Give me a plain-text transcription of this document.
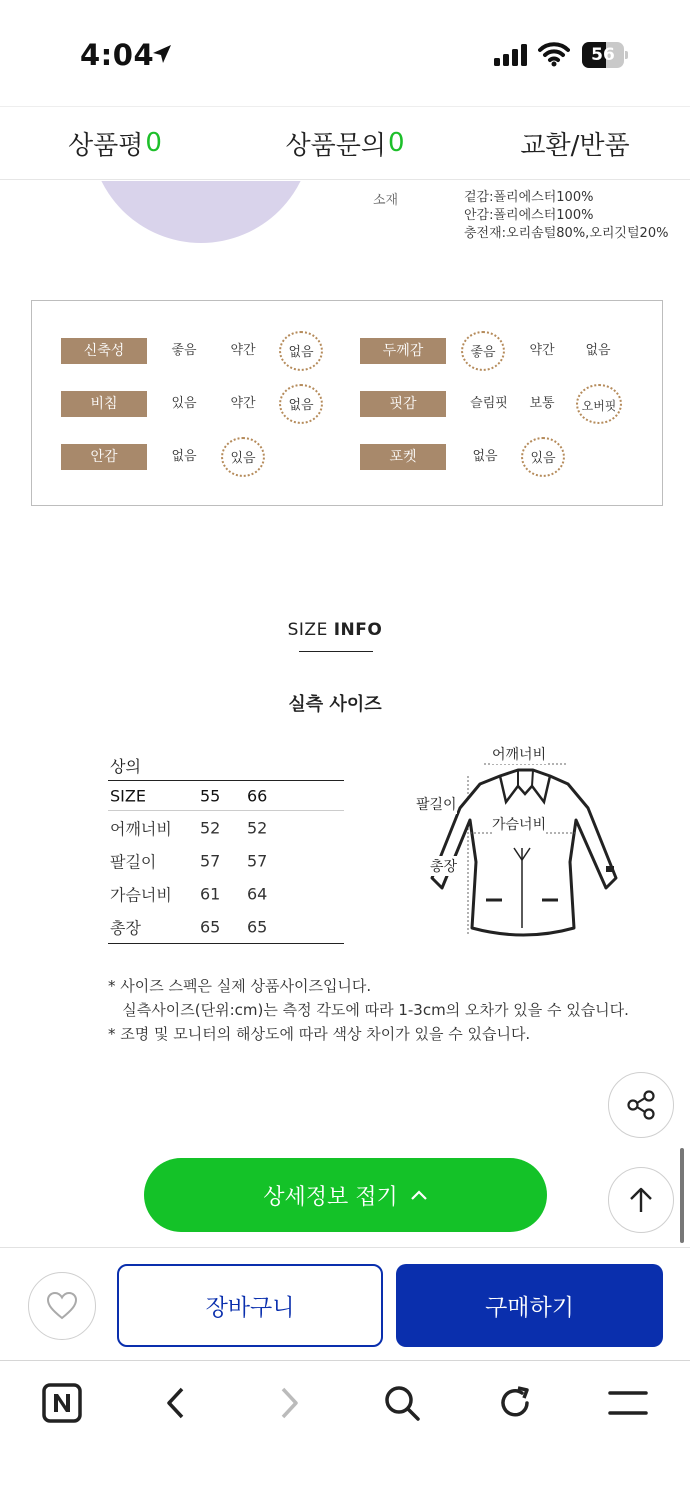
4:04	56
소재	겉감:폴리에스터100%
안감:폴리에스터100%
충전재:오리솜털80%,오리깃털20%
상품평 0	상품문의 0	교환/반품
신축성	좋음	약간	없음
비침	있음	약간	없음
안감	없음	있음
두께감	좋음	약간	없음
핏감	슬림핏	보통	오버핏
포켓	없음	있음
SIZE INFO
실측 사이즈
상의
SIZE	55 66
어깨너비 52 52
팔길이	57 57
가슴너비 61 64
총장	65 65
어깨너비
팔길이
가슴너비
총장
* 사이즈 스펙은 실제 상품사이즈입니다.
실측사이즈(단위:cm)는 측정 각도에 따라 1-3cm의 오차가 있을 수 있습니다.
* 조명 및 모니터의 해상도에 따라 색상 차이가 있을 수 있습니다.
상세정보 접기
장바구니	구매하기
